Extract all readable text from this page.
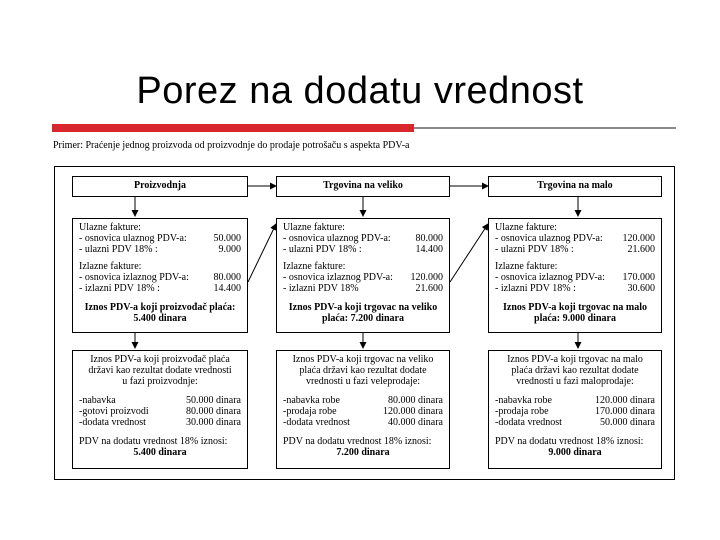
Porez na dodatu vrednost
Primer: Praćenje jednog proizvoda od proizvodnje do prodaje potrošaču s aspekta PDV-a
Proizvodnja	Trgovina na veliko	Trgovina na malo
Ulazne fakture:
- osnovica ulaznog PDV-a:	50.000
- ulazni PDV 18% :	9.000
Izlazne fakture:
- osnovica izlaznog PDV-a:	80.000
- izlazni PDV 18% :	14.400
Iznos PDV-a koji proizvođač plaća:
5.400 dinara
Ulazne fakture:
- osnovica ulaznog PDV-a:	80.000
- ulazni PDV 18% :	14.400
Izlazne fakture:
- osnovica izlaznog PDV-a:	120.000
- izlazni PDV 18%	21.600
Iznos PDV-a koji trgovac na veliko
plaća: 7.200 dinara
Ulazne fakture:
- osnovica ulaznog PDV-a:	120.000
- ulazni PDV 18% :	21.600
Izlazne fakture:
- osnovica izlaznog PDV-a:	170.000
- izlazni PDV 18% :	30.600
Iznos PDV-a koji trgovac na malo
plaća: 9.000 dinara
Iznos PDV-a koji proizvođač plaća
državi kao rezultat dodate vrednosti
u fazi proizvodnje:
-nabavka	50.000 dinara
-gotovi proizvodi	80.000 dinara
-dodata vrednost	30.000 dinara
PDV na dodatu vrednost 18% iznosi:
5.400 dinara
Iznos PDV-a koji trgovac na veliko
plaća državi kao rezultat dodate
vrednosti u fazi veleprodaje:
-nabavka robe	80.000 dinara
-prodaja robe	120.000 dinara
-dodata vrednost	40.000 dinara
PDV na dodatu vrednost 18% iznosi:
7.200 dinara
Iznos PDV-a koji trgovac na malo
plaća državi kao rezultat dodate
vrednosti u fazi maloprodaje:
-nabavka robe	120.000 dinara
-prodaja robe	170.000 dinara
-dodata vrednost	50.000 dinara
PDV na dodatu vrednost 18% iznosi:
9.000 dinara
